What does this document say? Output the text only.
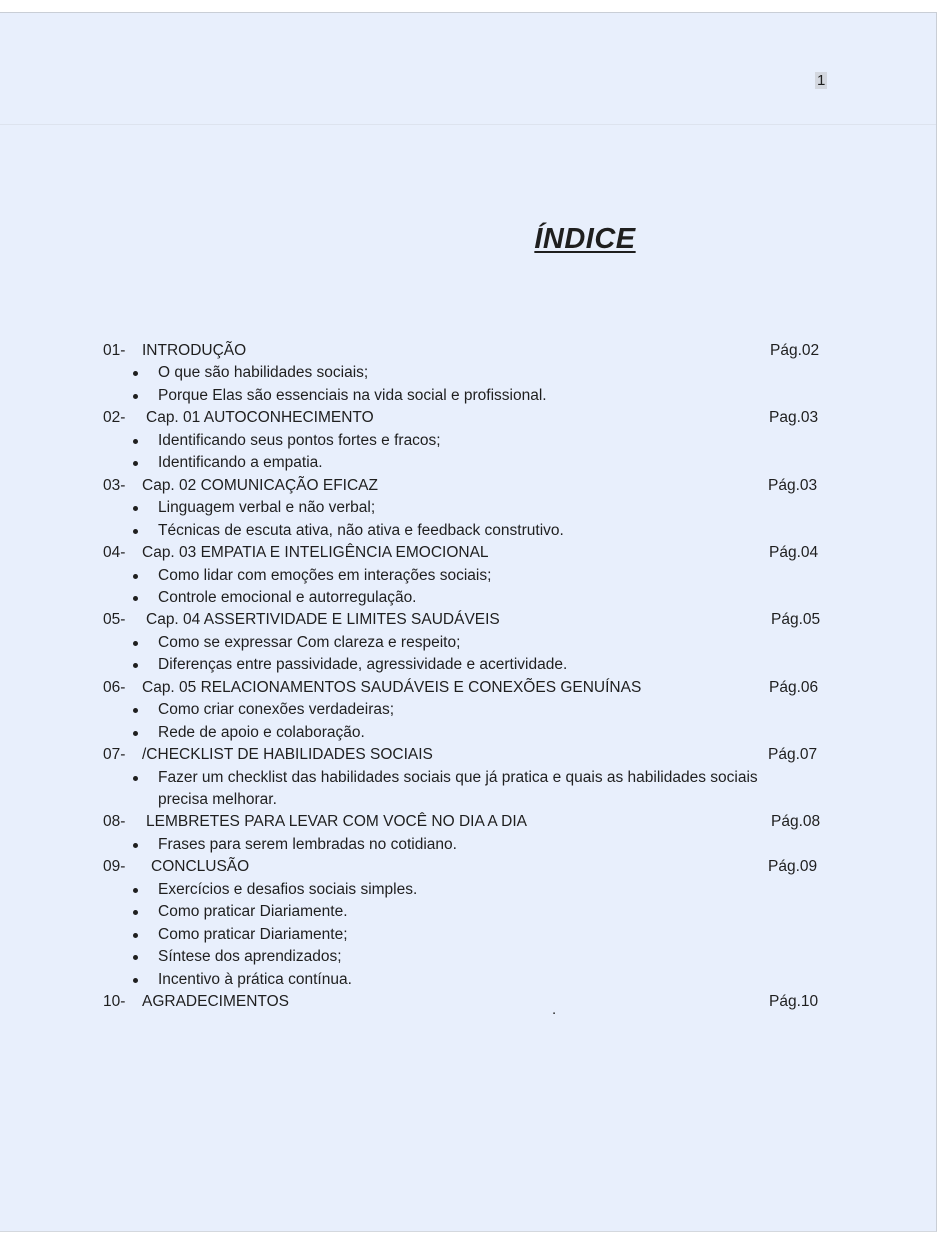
1
ÍNDICE
01- INTRODUÇÃO	Pág.02
O que são habilidades sociais;
Porque Elas são essenciais na vida social e profissional.
02- Cap. 01 AUTOCONHECIMENTO	Pag.03
Identificando seus pontos fortes e fracos;
Identificando a empatia.
03- Cap. 02 COMUNICAÇÃO EFICAZ	Pág.03
Linguagem verbal e não verbal;
Técnicas de escuta ativa, não ativa e feedback construtivo.
04- Cap. 03 EMPATIA E INTELIGÊNCIA EMOCIONAL	Pág.04
Como lidar com emoções em interações sociais;
Controle emocional e autorregulação.
05- Cap. 04 ASSERTIVIDADE E LIMITES SAUDÁVEIS	Pág.05
Como se expressar Com clareza e respeito;
Diferenças entre passividade, agressividade e acertividade.
06- Cap. 05 RELACIONAMENTOS SAUDÁVEIS E CONEXÕES GENUÍNAS	Pág.06
Como criar conexões verdadeiras;
Rede de apoio e colaboração.
07- /CHECKLIST DE HABILIDADES SOCIAIS	Pág.07
Fazer um checklist das habilidades sociais que já pratica e quais as habilidades sociais
precisa melhorar.
08- LEMBRETES PARA LEVAR COM VOCÊ NO DIA A DIA	Pág.08
Frases para serem lembradas no cotidiano.
09- CONCLUSÃO	Pág.09
Exercícios e desafios sociais simples.
Como praticar Diariamente.
Como praticar Diariamente;
Síntese dos aprendizados;
Incentivo à prática contínua.
10- AGRADECIMENTOS	Pág.10
.
